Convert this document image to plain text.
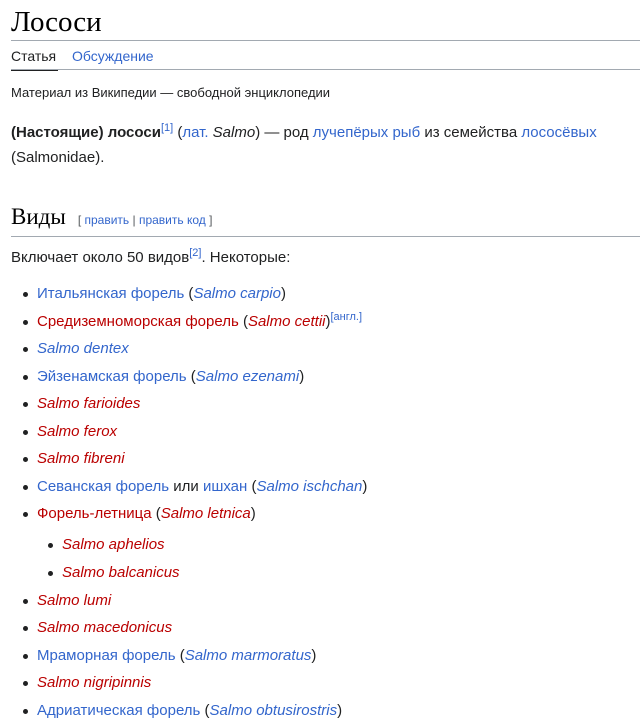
Лососи
Статья Обсуждение
Материал из Википедии — свободной энциклопедии
(Настоящие) лососи[1] (лат. Salmo) — род лучепёрых рыб из семейства лососёвых
(Salmonidae).
Виды [ править | править код ]
Включает около 50 видов[2]. Некоторые:
Итальянская форель (Salmo carpio)
Средиземноморская форель (Salmo cettii)[англ.]
Salmo dentex
Эйзенамская форель (Salmo ezenami)
Salmo farioides
Salmo ferox
Salmo fibreni
Севанская форель или ишхан (Salmo ischchan)
Форель-летница (Salmo letnica)
Salmo aphelios
Salmo balcanicus
Salmo lumi
Salmo macedonicus
Мраморная форель (Salmo marmoratus)
Salmo nigripinnis
Адриатическая форель (Salmo obtusirostris)
